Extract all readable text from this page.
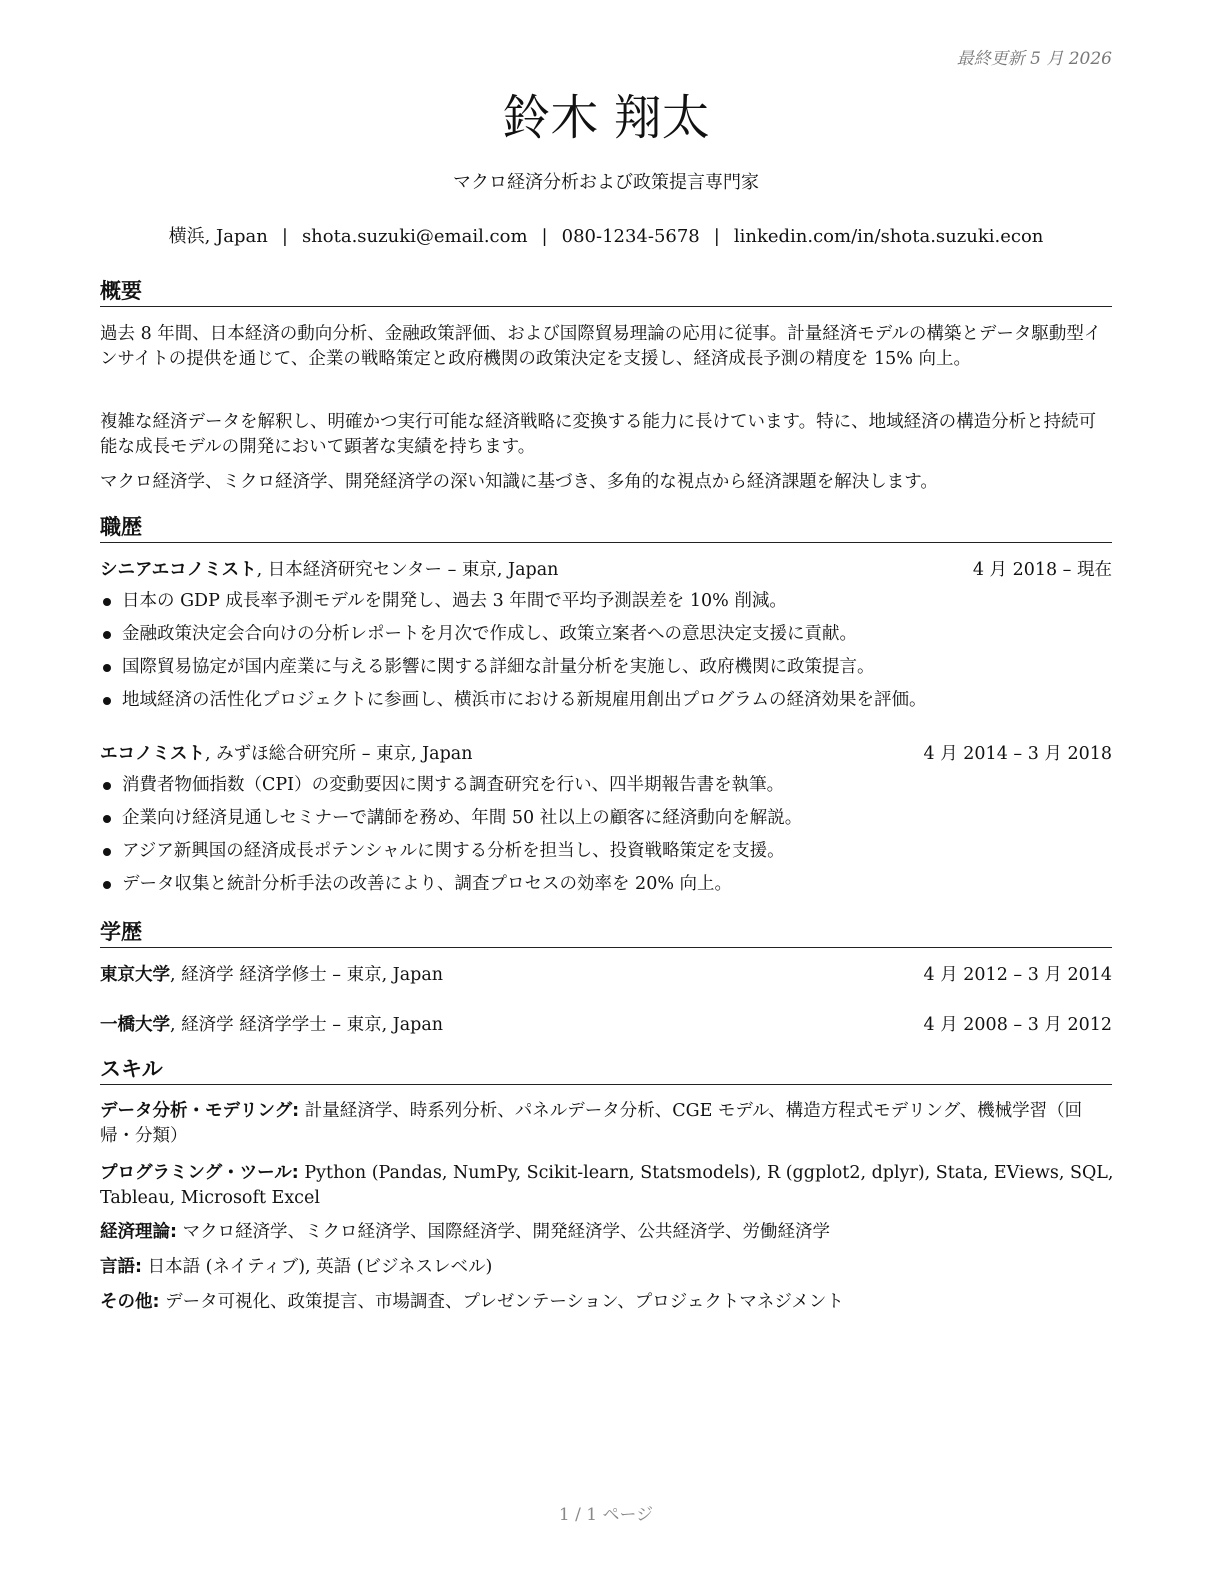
最終更新 5 月 2026
鈴木 翔太
マクロ経済分析および政策提言専門家
横浜, Japan | shota.suzuki@email.com | 080-1234-5678 | linkedin.com/in/shota.suzuki.econ
概要
過去 8 年間、日本経済の動向分析、金融政策評価、および国際貿易理論の応用に従事。計量経済モデルの構築とデータ駆動型インサイトの提供を通じて、企業の戦略策定と政府機関の政策決定を支援し、経済成長予測の精度を 15% 向上。
複雑な経済データを解釈し、明確かつ実行可能な経済戦略に変換する能力に長けています。特に、地域経済の構造分析と持続可能な成長モデルの開発において顕著な実績を持ちます。
マクロ経済学、ミクロ経済学、開発経済学の深い知識に基づき、多角的な視点から経済課題を解決します。
職歴
シニアエコノミスト, 日本経済研究センター – 東京, Japan	4 月 2018 – 現在
日本の GDP 成長率予測モデルを開発し、過去 3 年間で平均予測誤差を 10% 削減。
金融政策決定会合向けの分析レポートを月次で作成し、政策立案者への意思決定支援に貢献。
国際貿易協定が国内産業に与える影響に関する詳細な計量分析を実施し、政府機関に政策提言。
地域経済の活性化プロジェクトに参画し、横浜市における新規雇用創出プログラムの経済効果を評価。
エコノミスト, みずほ総合研究所 – 東京, Japan	4 月 2014 – 3 月 2018
消費者物価指数（CPI）の変動要因に関する調査研究を行い、四半期報告書を執筆。
企業向け経済見通しセミナーで講師を務め、年間 50 社以上の顧客に経済動向を解説。
アジア新興国の経済成長ポテンシャルに関する分析を担当し、投資戦略策定を支援。
データ収集と統計分析手法の改善により、調査プロセスの効率を 20% 向上。
学歴
東京大学, 経済学 経済学修士 – 東京, Japan	4 月 2012 – 3 月 2014
一橋大学, 経済学 経済学学士 – 東京, Japan	4 月 2008 – 3 月 2012
スキル
データ分析・モデリング: 計量経済学、時系列分析、パネルデータ分析、CGE モデル、構造方程式モデリング、機械学習（回帰・分類）
プログラミング・ツール: Python (Pandas, NumPy, Scikit-learn, Statsmodels), R (ggplot2, dplyr), Stata, EViews, SQL, Tableau, Microsoft Excel
経済理論: マクロ経済学、ミクロ経済学、国際経済学、開発経済学、公共経済学、労働経済学
言語: 日本語 (ネイティブ), 英語 (ビジネスレベル)
その他: データ可視化、政策提言、市場調査、プレゼンテーション、プロジェクトマネジメント
1 / 1 ページ
